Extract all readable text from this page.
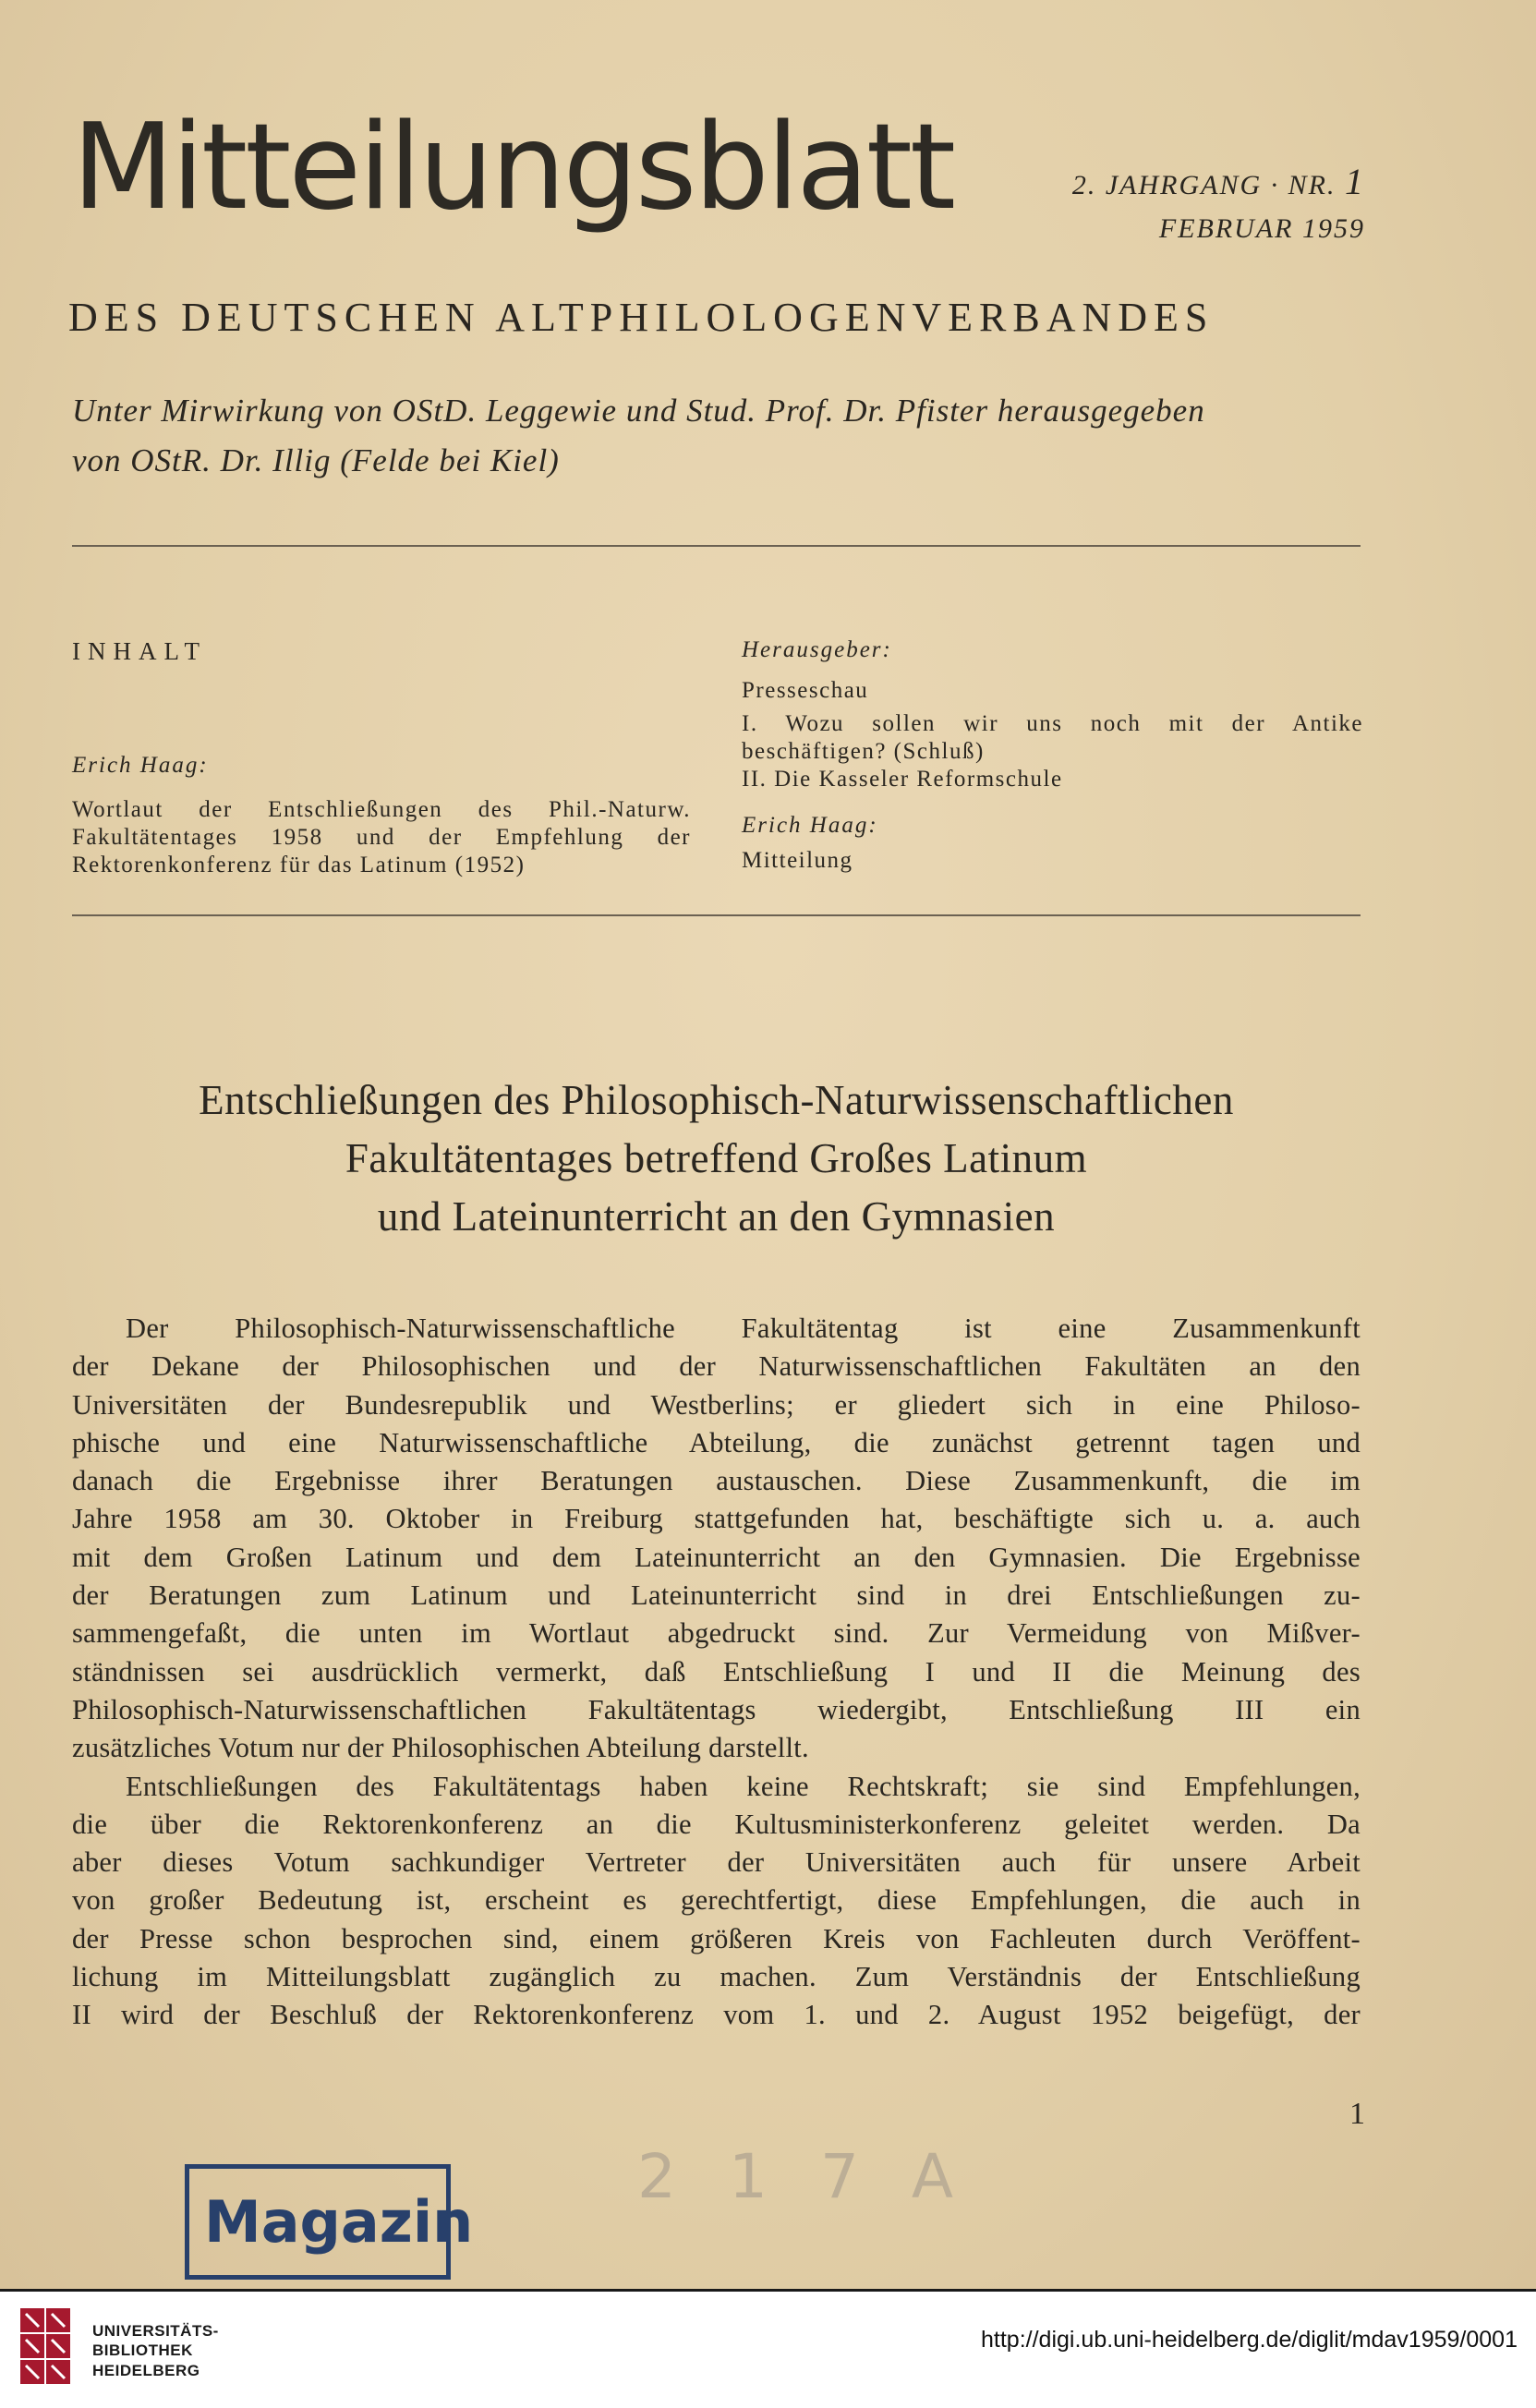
Mitteilungsblatt	2. JAHRGANG · NR. 1
FEBRUAR 1959
DES DEUTSCHEN ALTPHILOLOGENVERBANDES
Unter Mirwirkung von OStD. Leggewie und Stud. Prof. Dr. Pfister herausgegeben
von OStR. Dr. Illig (Felde bei Kiel)
INHALT
Erich Haag:
Wortlaut der Entschließungen des Phil.-Naturw.
Fakultätentages 1958 und der Empfehlung der
Rektorenkonferenz für das Latinum (1952)
Herausgeber:
Presseschau
I. Wozu sollen wir uns noch mit der Antike
beschäftigen? (Schluß)
II. Die Kasseler Reformschule
Erich Haag:
Mitteilung
Entschließungen des Philosophisch-Naturwissenschaftlichen
Fakultätentages betreffend Großes Latinum
und Lateinunterricht an den Gymnasien
Der Philosophisch-Naturwissenschaftliche Fakultätentag ist eine Zusammenkunft
der Dekane der Philosophischen und der Naturwissenschaftlichen Fakultäten an den
Universitäten der Bundesrepublik und Westberlins; er gliedert sich in eine Philoso-
phische und eine Naturwissenschaftliche Abteilung, die zunächst getrennt tagen und
danach die Ergebnisse ihrer Beratungen austauschen. Diese Zusammenkunft, die im
Jahre 1958 am 30. Oktober in Freiburg stattgefunden hat, beschäftigte sich u. a. auch
mit dem Großen Latinum und dem Lateinunterricht an den Gymnasien. Die Ergebnisse
der Beratungen zum Latinum und Lateinunterricht sind in drei Entschließungen zu-
sammengefaßt, die unten im Wortlaut abgedruckt sind. Zur Vermeidung von Mißver-
ständnissen sei ausdrücklich vermerkt, daß Entschließung I und II die Meinung des
Philosophisch-Naturwissenschaftlichen Fakultätentags wiedergibt, Entschließung III ein
zusätzliches Votum nur der Philosophischen Abteilung darstellt.
Entschließungen des Fakultätentags haben keine Rechtskraft; sie sind Empfehlungen,
die über die Rektorenkonferenz an die Kultusministerkonferenz geleitet werden. Da
aber dieses Votum sachkundiger Vertreter der Universitäten auch für unsere Arbeit
von großer Bedeutung ist, erscheint es gerechtfertigt, diese Empfehlungen, die auch in
der Presse schon besprochen sind, einem größeren Kreis von Fachleuten durch Veröffent-
lichung im Mitteilungsblatt zugänglich zu machen. Zum Verständnis der Entschließung
II wird der Beschluß der Rektorenkonferenz vom 1. und 2. August 1952 beigefügt, der
1
Magazin
2 1 7 A
UNIVERSITÄTS-
BIBLIOTHEK
HEIDELBERG
http://digi.ub.uni-heidelberg.de/diglit/mdav1959/0001
